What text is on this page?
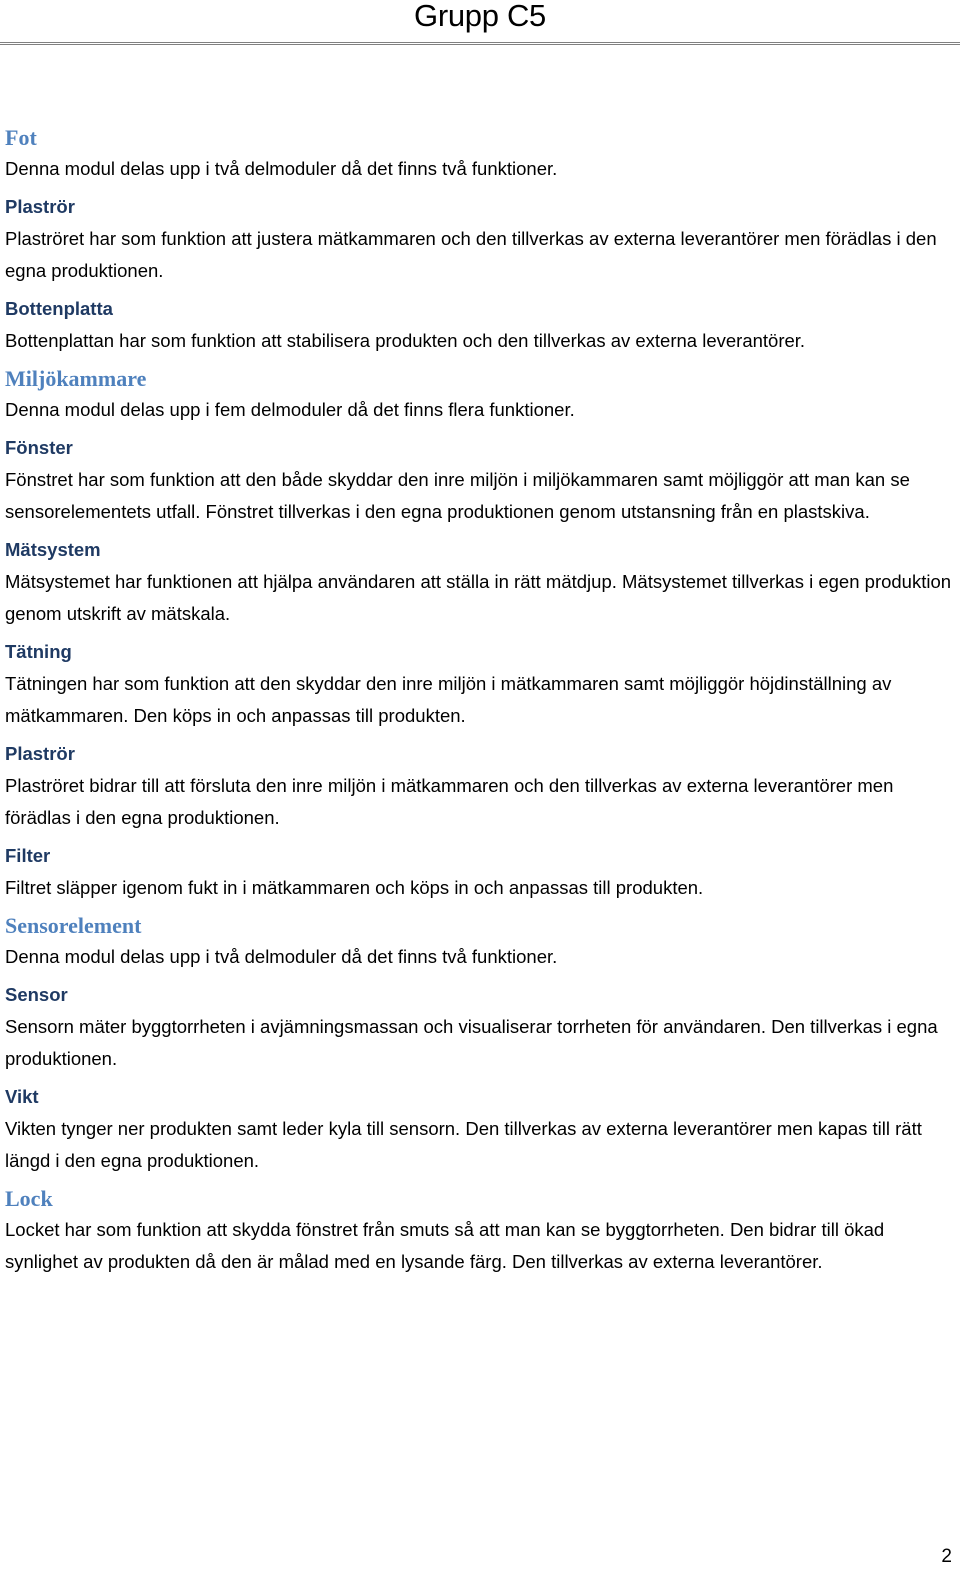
Grupp C5
Fot
Denna modul delas upp i två delmoduler då det finns två funktioner.
Plaströr
Plaströret har som funktion att justera mätkammaren och den tillverkas av externa leverantörer men förädlas i den egna produktionen.
Bottenplatta
Bottenplattan har som funktion att stabilisera produkten och den tillverkas av externa leverantörer.
Miljökammare
Denna modul delas upp i fem delmoduler då det finns flera funktioner.
Fönster
Fönstret har som funktion att den både skyddar den inre miljön i miljökammaren samt möjliggör att man kan se sensorelementets utfall. Fönstret tillverkas i den egna produktionen genom utstansning från en plastskiva.
Mätsystem
Mätsystemet har funktionen att hjälpa användaren att ställa in rätt mätdjup. Mätsystemet tillverkas i egen produktion genom utskrift av mätskala.
Tätning
Tätningen har som funktion att den skyddar den inre miljön i mätkammaren samt möjliggör höjdinställning av mätkammaren. Den köps in och anpassas till produkten.
Plaströr
Plaströret bidrar till att försluta den inre miljön i mätkammaren och den tillverkas av externa leverantörer men förädlas i den egna produktionen.
Filter
Filtret släpper igenom fukt in i mätkammaren och köps in och anpassas till produkten.
Sensorelement
Denna modul delas upp i två delmoduler då det finns två funktioner.
Sensor
Sensorn mäter byggtorrheten i avjämningsmassan och visualiserar torrheten för användaren. Den tillverkas i egna produktionen.
Vikt
Vikten tynger ner produkten samt leder kyla till sensorn. Den tillverkas av externa leverantörer men kapas till rätt längd i den egna produktionen.
Lock
Locket har som funktion att skydda fönstret från smuts så att man kan se byggtorrheten. Den bidrar till ökad synlighet av produkten då den är målad med en lysande färg. Den tillverkas av externa leverantörer.
2
